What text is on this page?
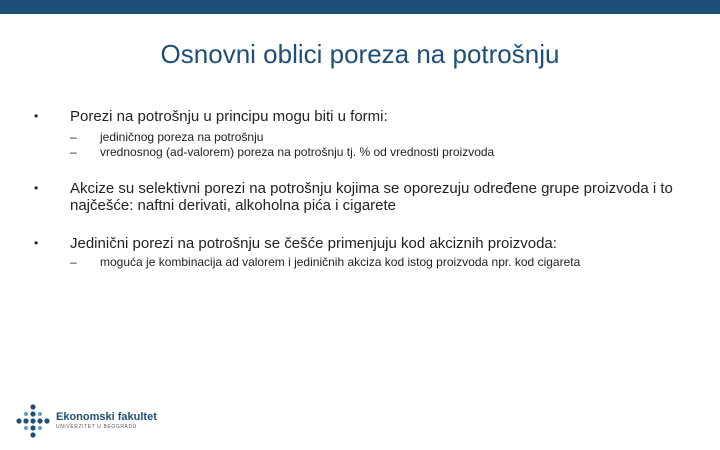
Osnovni oblici poreza na potrošnju
•	Porezi na potrošnju u principu mogu biti u formi:
–	jediničnog poreza na potrošnju
–	vrednosnog (ad-valorem) poreza na potrošnju tj. % od vrednosti proizvoda
•	Akcize su selektivni porezi na potrošnju kojima se oporezuju određene grupe proizvoda i to najčešće: naftni derivati, alkoholna pića i cigarete
•	Jedinični porezi na potrošnju se češće primenjuju kod akciznih proizvoda:
–	moguća je kombinacija ad valorem i jediničnih akciza kod istog proizvoda npr. kod cigareta
Ekonomski fakultet
UNIVERZITET U BEOGRADU
